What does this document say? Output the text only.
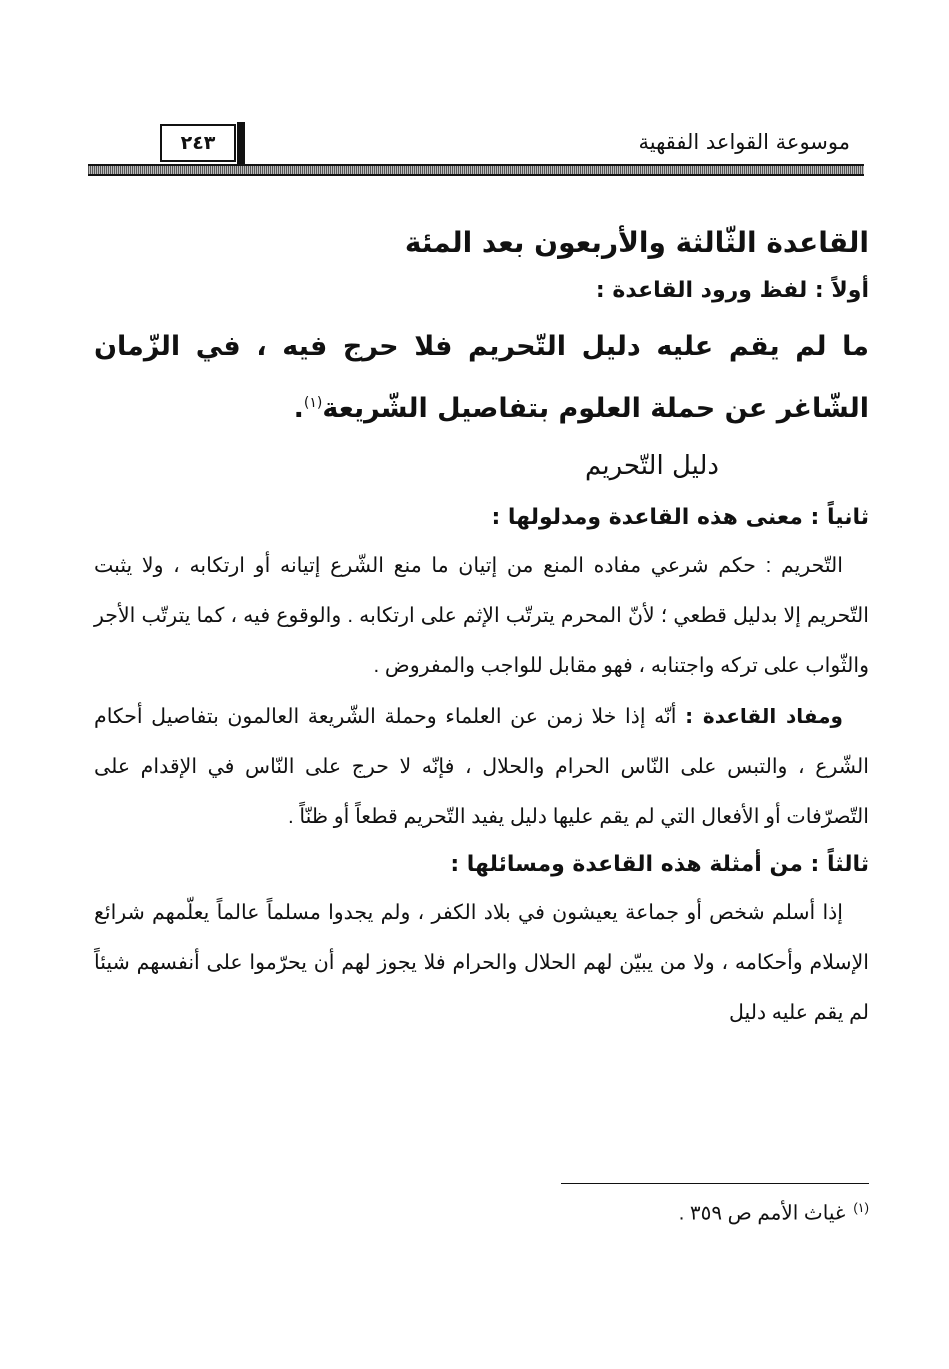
موسوعة القواعد الفقهية
٢٤٣
القاعدة الثّالثة والأربعون بعد المئة
أولاً : لفظ ورود القاعدة :

ما لم يقم عليه دليل التّحريم فلا حرج فيه ، في الزّمان الشّاغر عن حملة العلوم بتفاصيل الشّريعة$^{(١)}$.

دليل التّحريم

ثانياً : معنى هذه القاعدة ومدلولها :

التّحريم : حكم شرعي مفاده المنع من إتيان ما منع الشّرع إتيانه أو ارتكابه ، ولا يثبت التّحريم إلا بدليل قطعي ؛ لأنّ المحرم يترتّب الإثم على ارتكابه . والوقوع فيه ، كما يترتّب الأجر والثّواب على تركه واجتنابه ، فهو مقابل للواجب والمفروض .

ومفاد القاعدة : أنّه إذا خلا زمن عن العلماء وحملة الشّريعة العالمون بتفاصيل أحكام الشّرع ، والتبس على النّاس الحرام والحلال ، فإنّه لا حرج على النّاس في الإقدام على التّصرّفات أو الأفعال التي لم يقم عليها دليل يفيد التّحريم قطعاً أو ظنّاً .

ثالثاً : من أمثلة هذه القاعدة ومسائلها :

إذا أسلم شخص أو جماعة يعيشون في بلاد الكفر ، ولم يجدوا مسلماً عالماً يعلّمهم شرائع الإسلام وأحكامه ، ولا من يبيّن لهم الحلال والحرام فلا يجوز لهم أن يحرّموا على أنفسهم شيئاً لم يقم عليه دليل

$^{(١)}$غياث الأمم ص ٣٥٩ .
